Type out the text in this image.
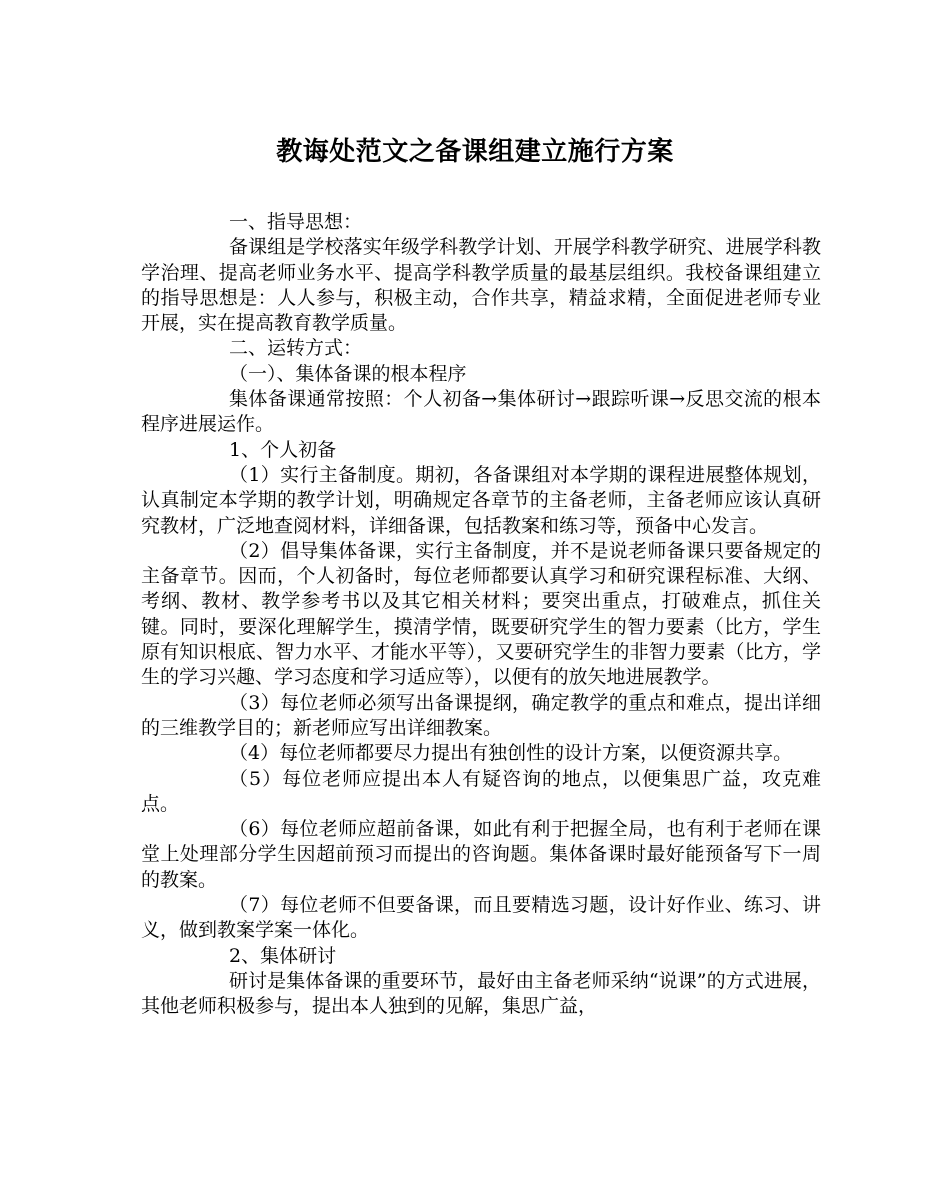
教诲处范文之备课组建立施行方案

一、指导思想：

备课组是学校落实年级学科教学计划、开展学科教学研究、进展学科教学治理、提高老师业务水平、提高学科教学质量的最基层组织。我校备课组建立的指导思想是：人人参与，积极主动，合作共享，精益求精，全面促进老师专业开展，实在提高教育教学质量。

二、运转方式：

（一）、集体备课的根本程序

集体备课通常按照：个人初备→集体研讨→跟踪听课→反思交流的根本程序进展运作。

1、个人初备

（1）实行主备制度。期初，各备课组对本学期的课程进展整体规划，认真制定本学期的教学计划，明确规定各章节的主备老师，主备老师应该认真研究教材，广泛地查阅材料，详细备课，包括教案和练习等，预备中心发言。

（2）倡导集体备课，实行主备制度，并不是说老师备课只要备规定的主备章节。因而，个人初备时，每位老师都要认真学习和研究课程标准、大纲、考纲、教材、教学参考书以及其它相关材料；要突出重点，打破难点，抓住关键。同时，要深化理解学生，摸清学情，既要研究学生的智力要素（比方，学生原有知识根底、智力水平、才能水平等），又要研究学生的非智力要素（比方，学生的学习兴趣、学习态度和学习适应等），以便有的放矢地进展教学。

（3）每位老师必须写出备课提纲，确定教学的重点和难点，提出详细的三维教学目的；新老师应写出详细教案。

（4）每位老师都要尽力提出有独创性的设计方案，以便资源共享。

（5）每位老师应提出本人有疑咨询的地点，以便集思广益，攻克难点。

（6）每位老师应超前备课，如此有利于把握全局，也有利于老师在课堂上处理部分学生因超前预习而提出的咨询题。集体备课时最好能预备写下一周的教案。

（7）每位老师不但要备课，而且要精选习题，设计好作业、练习、讲义，做到教案学案一体化。

2、集体研讨

研讨是集体备课的重要环节，最好由主备老师采纳“说课”的方式进展，其他老师积极参与，提出本人独到的见解，集思广益，
